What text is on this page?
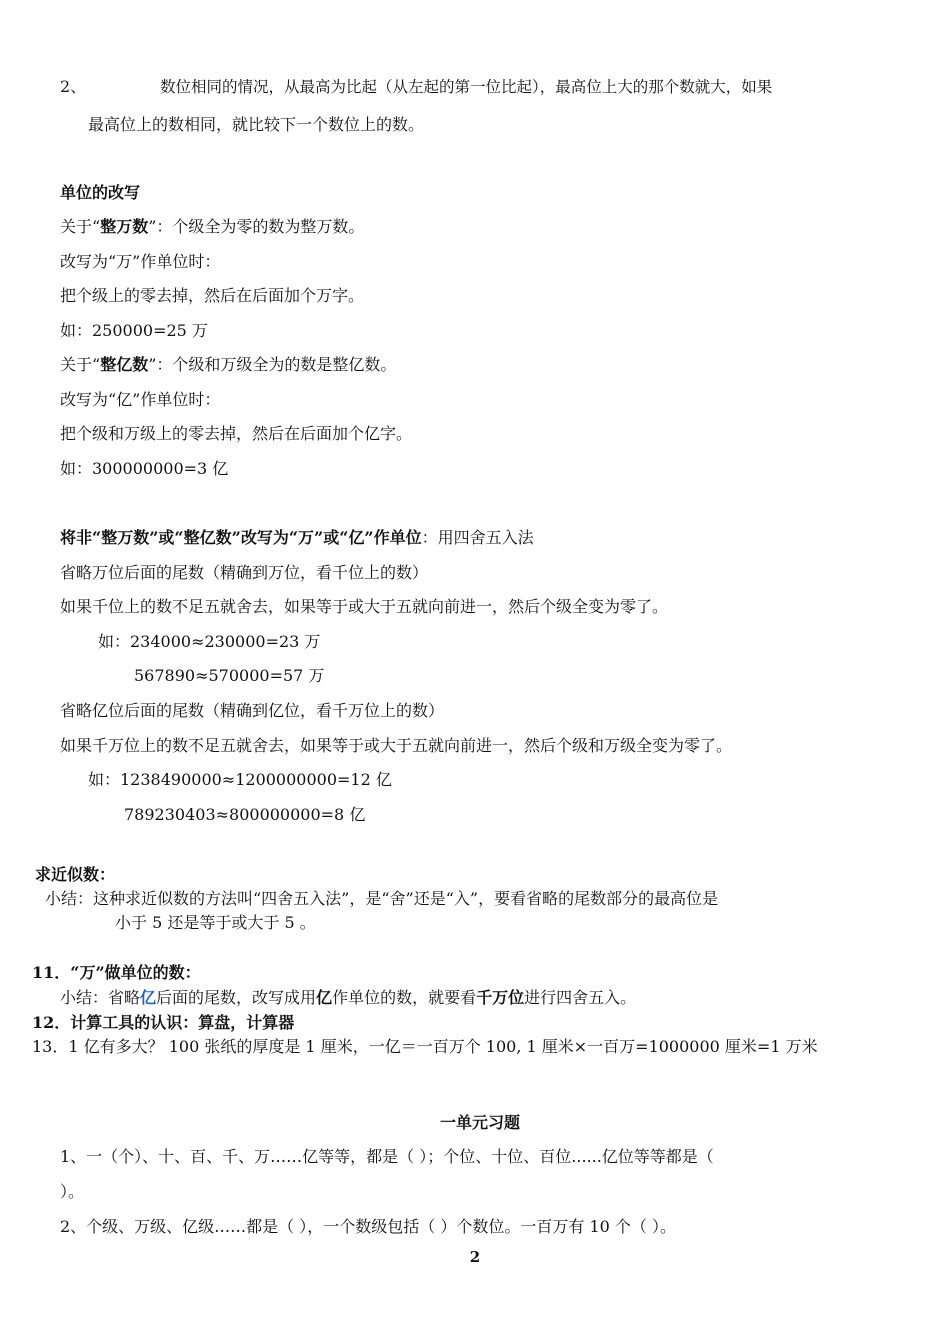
2、	数位相同的情况，从最高为比起（从左起的第一位比起），最高位上大的那个数就大，如果
最高位上的数相同，就比较下一个数位上的数。
单位的改写
关于“整万数”：个级全为零的数为整万数。
改写为“万”作单位时：
把个级上的零去掉，然后在后面加个万字。
如：250000=25 万
关于“整亿数”：个级和万级全为的数是整亿数。
改写为“亿”作单位时：
把个级和万级上的零去掉，然后在后面加个亿字。
如：300000000=3 亿
将非“整万数”或“整亿数”改写为“万”或“亿”作单位：用四舍五入法
省略万位后面的尾数（精确到万位，看千位上的数）
如果千位上的数不足五就舍去，如果等于或大于五就向前进一，然后个级全变为零了。
如：234000≈230000=23 万
567890≈570000=57 万
省略亿位后面的尾数（精确到亿位，看千万位上的数）
如果千万位上的数不足五就舍去，如果等于或大于五就向前进一，然后个级和万级全变为零了。
如：1238490000≈1200000000=12 亿
789230403≈800000000=8 亿
求近似数：
小结：这种求近似数的方法叫“四舍五入法”，是“舍”还是“入”，要看省略的尾数部分的最高位是
小于 5 还是等于或大于 5 。
11．“万”做单位的数：
小结：省略亿后面的尾数，改写成用亿作单位的数，就要看千万位进行四舍五入。
12．计算工具的认识：算盘，计算器
13．1 亿有多大？ 100 张纸的厚度是 1 厘米，一亿＝一百万个 100, 1 厘米×一百万=1000000 厘米=1 万米
一单元习题
1、一（个）、十、百、千、万……亿等等，都是（ ）；个位、十位、百位......亿位等等都是（
）。
2、个级、万级、亿级……都是（ ），一个数级包括（ ）个数位。一百万有 10 个（ ）。
2
